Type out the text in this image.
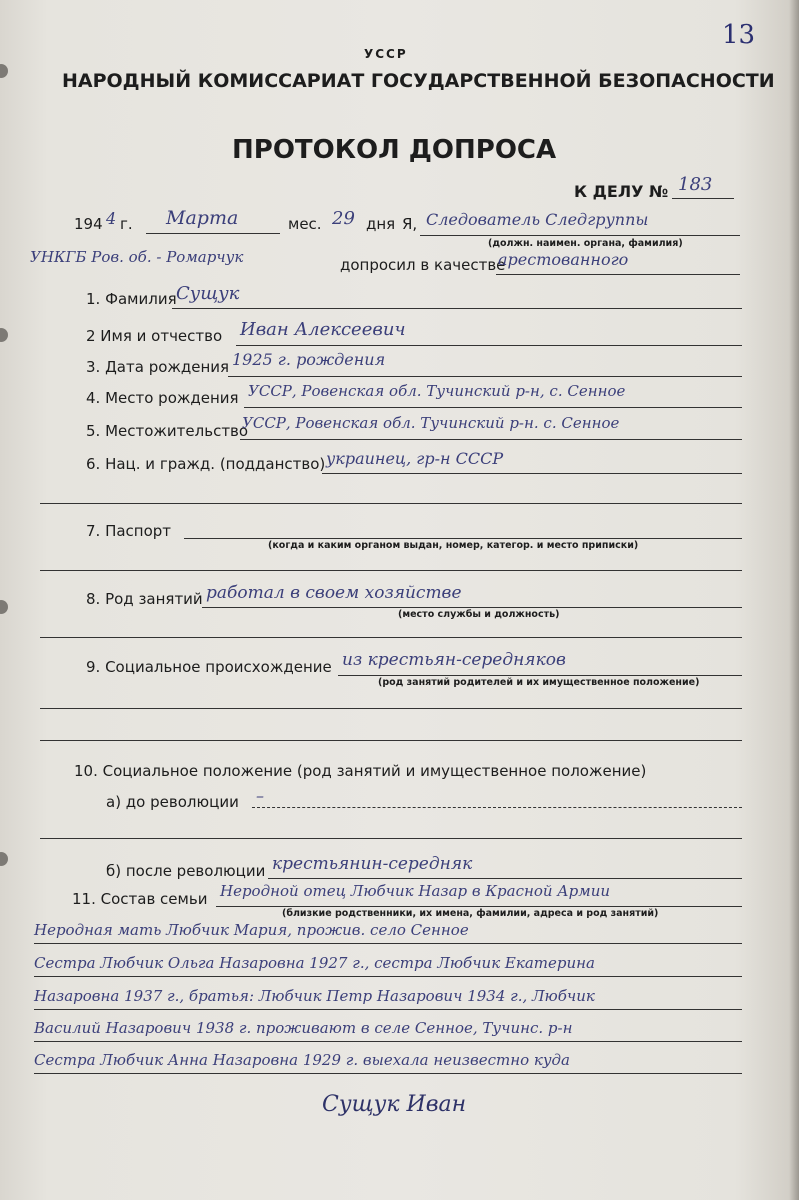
13
УССР
НАРОДНЫЙ КОМИССАРИАТ ГОСУДАРСТВЕННОЙ БЕЗОПАСНОСТИ
ПРОТОКОЛ ДОПРОСА
К ДЕЛУ № 183
194 4 г. Марта	мес. 29 дня Я, Следователь Следгруппы
(должн. наимен. органа, фамилия)
УНКГБ Ров. об. - Ромарчук	допросил в качестве
арестованного
1. Фамилия Сущук
2 Имя и отчество Иван Алексеевич
3. Дата рождения 1925 г. рождения
4. Место рождения УССР, Ровенская обл. Тучинский р-н, с. Сенное
5. Местожительство
УССР, Ровенская обл. Тучинский р-н. с. Сенное
6. Нац. и гражд. (подданство) украинец, гр-н СССР
7. Паспорт
(когда и каким органом выдан, номер, категор. и место приписки)
8. Род занятий работал в своем хозяйстве
(место службы и должность)
9. Социальное происхождение из крестьян-середняков
(род занятий родителей и их имущественное положение)
10. Социальное положение (род занятий и имущественное положение)
а) до революции –
б) после революции крестьянин-середняк
11. Состав семьи Неродной отец Любчик Назар в Красной Армии
(близкие родственники, их имена, фамилии, адреса и род занятий)
Неродная мать Любчик Мария, прожив. село Сенное
Сестра Любчик Ольга Назаровна 1927 г., сестра Любчик Екатерина
Назаровна 1937 г., братья: Любчик Петр Назарович 1934 г., Любчик
Василий Назарович 1938 г. проживают в селе Сенное, Тучинс. р-н
Сестра Любчик Анна Назаровна 1929 г. выехала неизвестно куда
Сущук Иван
